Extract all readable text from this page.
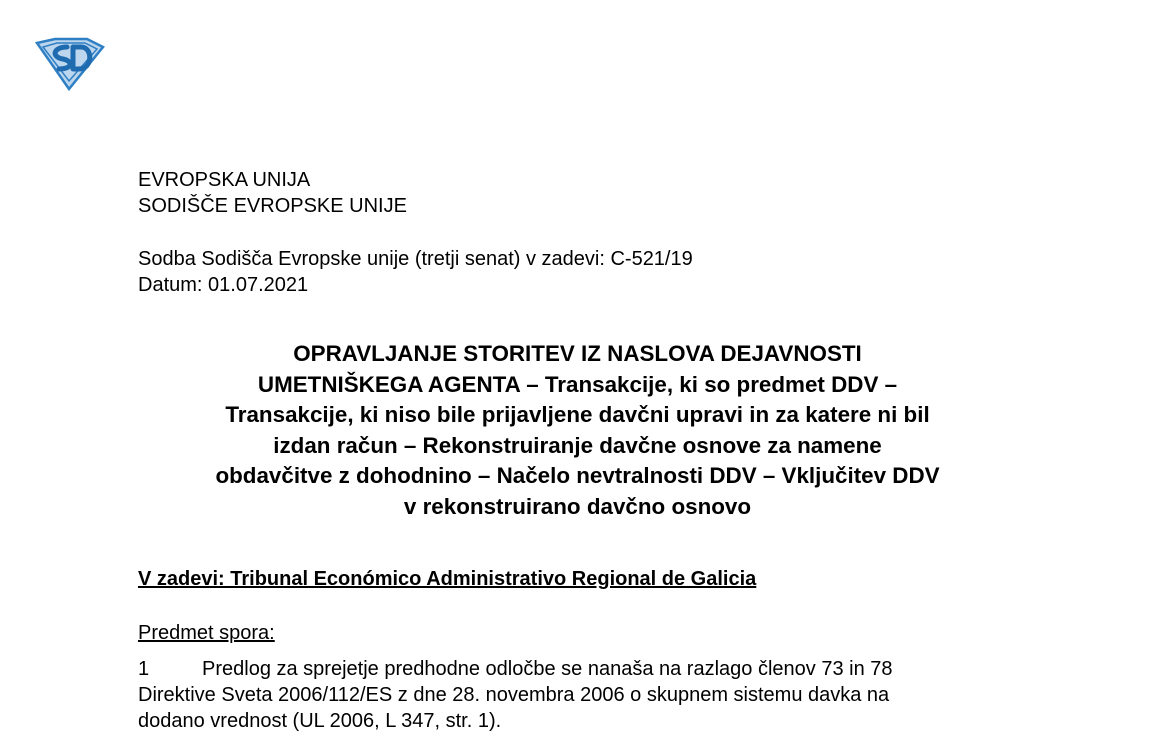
EVROPSKA UNIJA
SODIŠČE EVROPSKE UNIJE
Sodba Sodišča Evropske unije (tretji senat) v zadevi: C-521/19
Datum: 01.07.2021
OPRAVLJANJE STORITEV IZ NASLOVA DEJAVNOSTI
UMETNIŠKEGA AGENTA – Transakcije, ki so predmet DDV –
Transakcije, ki niso bile prijavljene davčni upravi in za katere ni bil
izdan račun – Rekonstruiranje davčne osnove za namene
obdavčitve z dohodnino – Načelo nevtralnosti DDV – Vključitev DDV
v rekonstruirano davčno osnovo
V zadevi: Tribunal Económico Administrativo Regional de Galicia
Predmet spora:
1	Predlog za sprejetje predhodne odločbe se nanaša na razlago členov 73 in 78
Direktive Sveta 2006/112/ES z dne 28. novembra 2006 o skupnem sistemu davka na
dodano vrednost (UL 2006, L 347, str. 1).
